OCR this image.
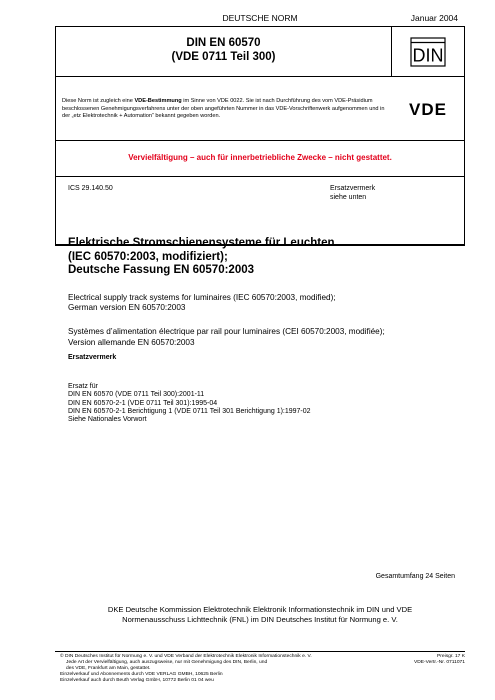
DEUTSCHE NORM	Januar 2004
DIN EN 60570
(VDE 0711 Teil 300)	DIN
Diese Norm ist zugleich eine VDE-Bestimmung im Sinne von VDE 0022. Sie ist nach Durchführung des vom VDE-Präsidium beschlossenen Genehmigungsverfahrens unter der oben angeführten Nummer in das VDE-Vorschriftenwerk aufgenommen und in der „etz Elektrotechnik + Automation“ bekannt gegeben worden.	VDE
Vervielfältigung – auch für innerbetriebliche Zwecke – nicht gestattet.
ICS 29.140.50	Ersatzvermerk
siehe unten
Elektrische Stromschienensysteme für Leuchten
(IEC 60570:2003, modifiziert);
Deutsche Fassung EN 60570:2003
Electrical supply track systems for luminaires (IEC 60570:2003, modified);
German version EN 60570:2003
Systèmes d’alimentation électrique par rail pour luminaires (CEI 60570:2003, modifiée);
Version allemande EN 60570:2003
Ersatzvermerk
Ersatz für
DIN EN 60570 (VDE 0711 Teil 300):2001-11
DIN EN 60570-2-1 (VDE 0711 Teil 301):1995-04
DIN EN 60570-2-1 Berichtigung 1 (VDE 0711 Teil 301 Berichtigung 1):1997-02
Siehe Nationales Vorwort
Gesamtumfang 24 Seiten
DKE Deutsche Kommission Elektrotechnik Elektronik Informationstechnik im DIN und VDE
Normenausschuss Lichttechnik (FNL) im DIN Deutsches Institut für Normung e. V.
© DIN Deutsches Institut für Normung e. V. und VDE Verband der Elektrotechnik Elektronik Informationstechnik e. V.
Jede Art der Vervielfältigung, auch auszugsweise, nur mit Genehmigung des DIN, Berlin, und
des VDE, Frankfurt am Main, gestattet.
Einzelverkauf und Abonnements durch VDE VERLAG GMBH, 10625 Berlin
Einzelverkauf auch durch Beuth Verlag GmbH, 10772 Berlin 01 04 weu
Preisgr. 17 K
VDE-Vertr.-Nr. 0711071
